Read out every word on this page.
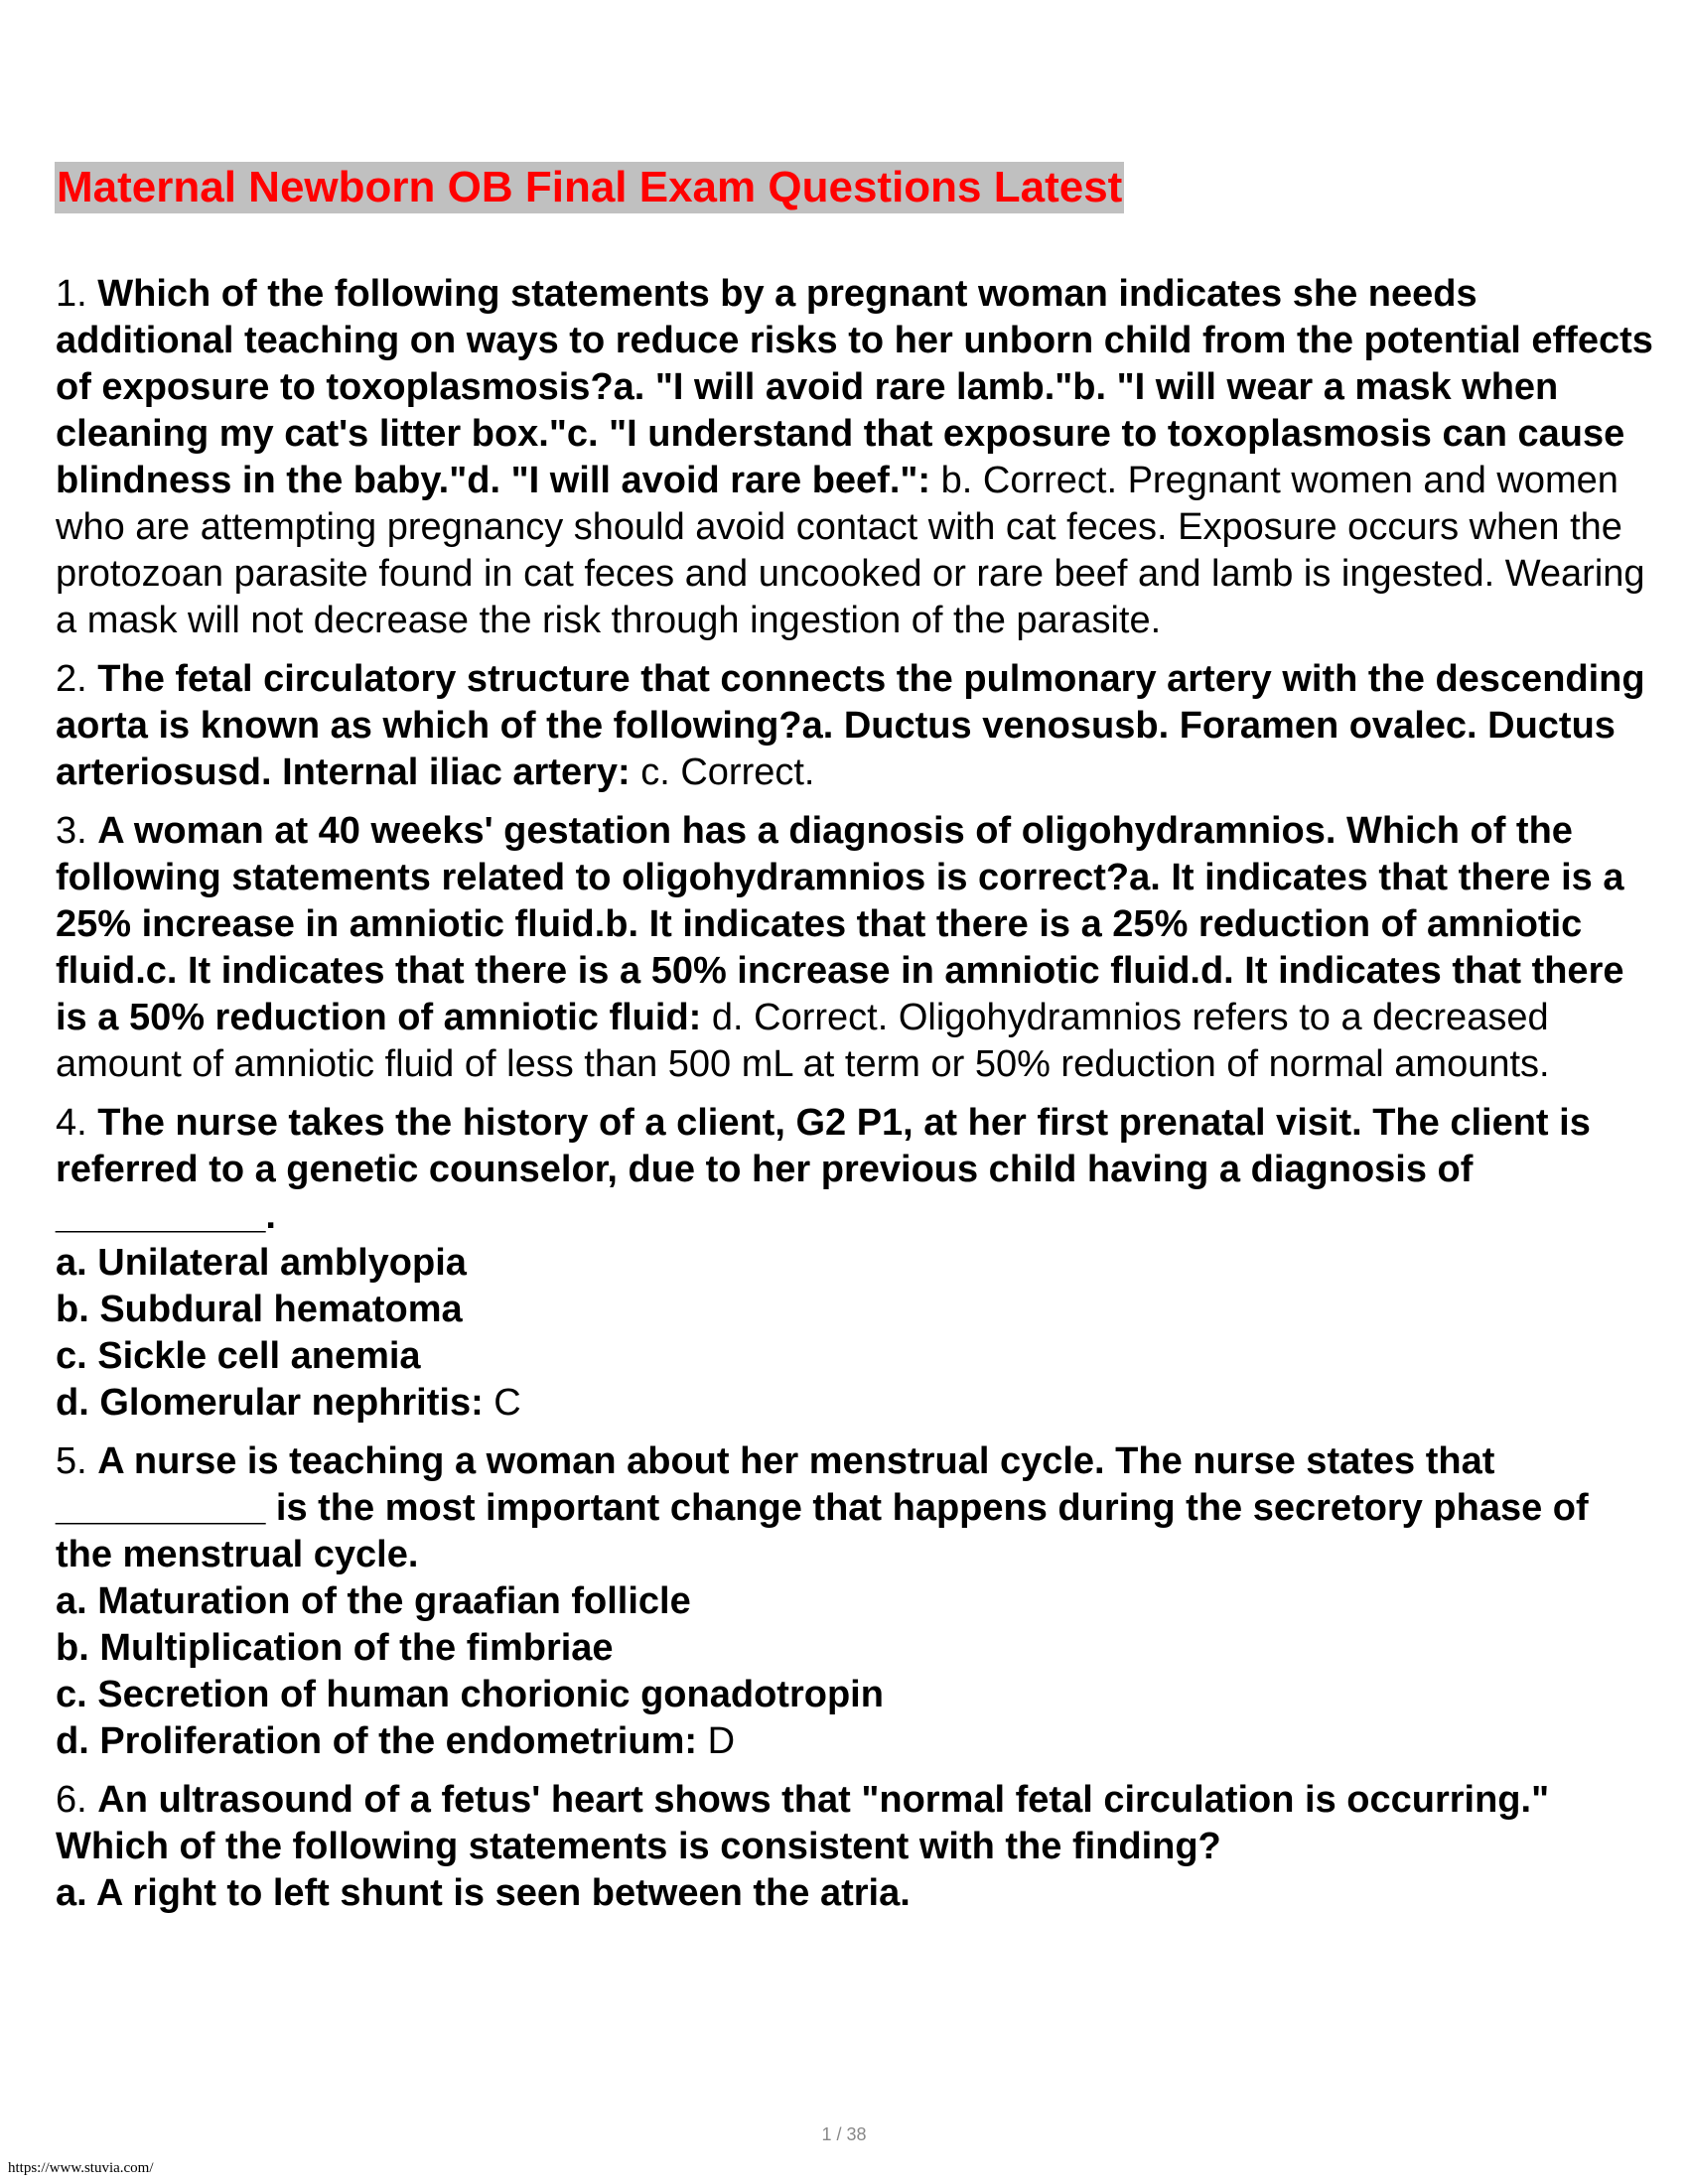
Maternal Newborn OB Final Exam Questions Latest
1. Which of the following statements by a pregnant woman indicates she needs additional teaching on ways to reduce risks to her unborn child from the potential effects of exposure to toxoplasmosis?a. "I will avoid rare lamb."b. "I will wear a mask when cleaning my cat's litter box."c. "I understand that exposure to toxoplasmosis can cause blindness in the baby."d. "I will avoid rare beef.": b. Correct. Pregnant women and women who are attempting pregnancy should avoid contact with cat feces. Exposure occurs when the protozoan parasite found in cat feces and uncooked or rare beef and lamb is ingested. Wearing a mask will not decrease the risk through ingestion of the parasite.
2. The fetal circulatory structure that connects the pulmonary artery with the descending aorta is known as which of the following?a. Ductus venosusb. Foramen ovalec. Ductus arteriosusd. Internal iliac artery: c. Correct.
3. A woman at 40 weeks' gestation has a diagnosis of oligohydramnios. Which of the following statements related to oligohydramnios is correct?a. It indicates that there is a 25% increase in amniotic fluid.b. It indicates that there is a 25% reduction of amniotic fluid.c. It indicates that there is a 50% increase in amniotic fluid.d. It indicates that there is a 50% reduction of amniotic fluid: d. Correct. Oligohydramnios refers to a decreased amount of amniotic fluid of less than 500 mL at term or 50% reduction of normal amounts.
4. The nurse takes the history of a client, G2 P1, at her first prenatal visit. The client is referred to a genetic counselor, due to her previous child having a diagnosis of __________.
a. Unilateral amblyopia
b. Subdural hematoma
c. Sickle cell anemia
d. Glomerular nephritis: C
5. A nurse is teaching a woman about her menstrual cycle. The nurse states that __________ is the most important change that happens during the secretory phase of the menstrual cycle.
a. Maturation of the graafian follicle
b. Multiplication of the fimbriae
c. Secretion of human chorionic gonadotropin
d. Proliferation of the endometrium: D
6. An ultrasound of a fetus' heart shows that "normal fetal circulation is occurring." Which of the following statements is consistent with the finding?
a. A right to left shunt is seen between the atria.
1 / 38
https://www.stuvia.com/
